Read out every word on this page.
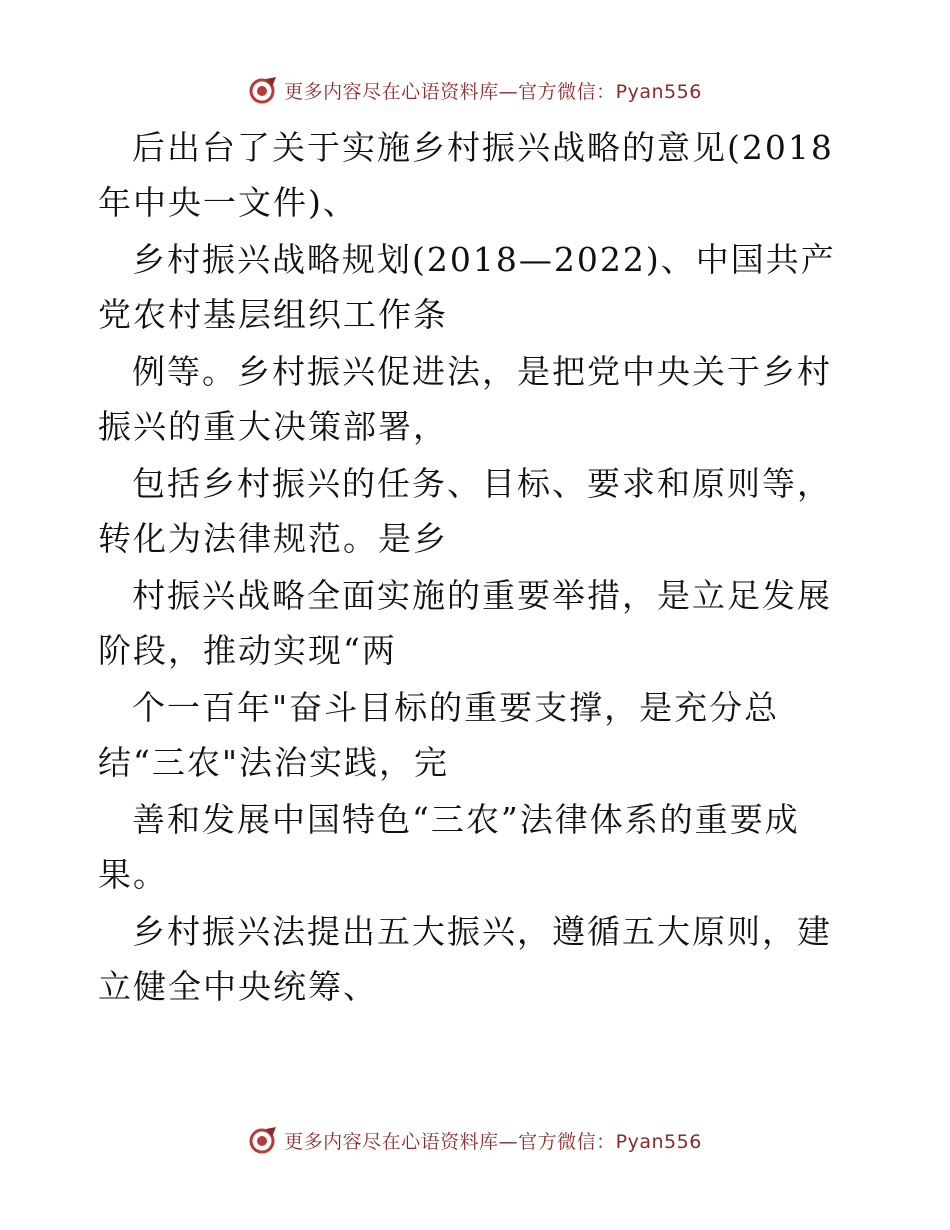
更多内容尽在心语资料库—官方微信：Pyan556

后出台了关于实施乡村振兴战略的意见(2018 年中央一文件)、

乡村振兴战略规划(2018—2022)、中国共产党农村基层组织工作条

例等。乡村振兴促进法，是把党中央关于乡村振兴的重大决策部署，

包括乡村振兴的任务、目标、要求和原则等，转化为法律规范。是乡

村振兴战略全面实施的重要举措，是立足发展阶段，推动实现“两

个一百年"奋斗目标的重要支撑，是充分总结“三农"法治实践，完

善和发展中国特色“三农”法律体系的重要成果。

乡村振兴法提出五大振兴，遵循五大原则，建立健全中央统筹、

更多内容尽在心语资料库—官方微信：Pyan556
